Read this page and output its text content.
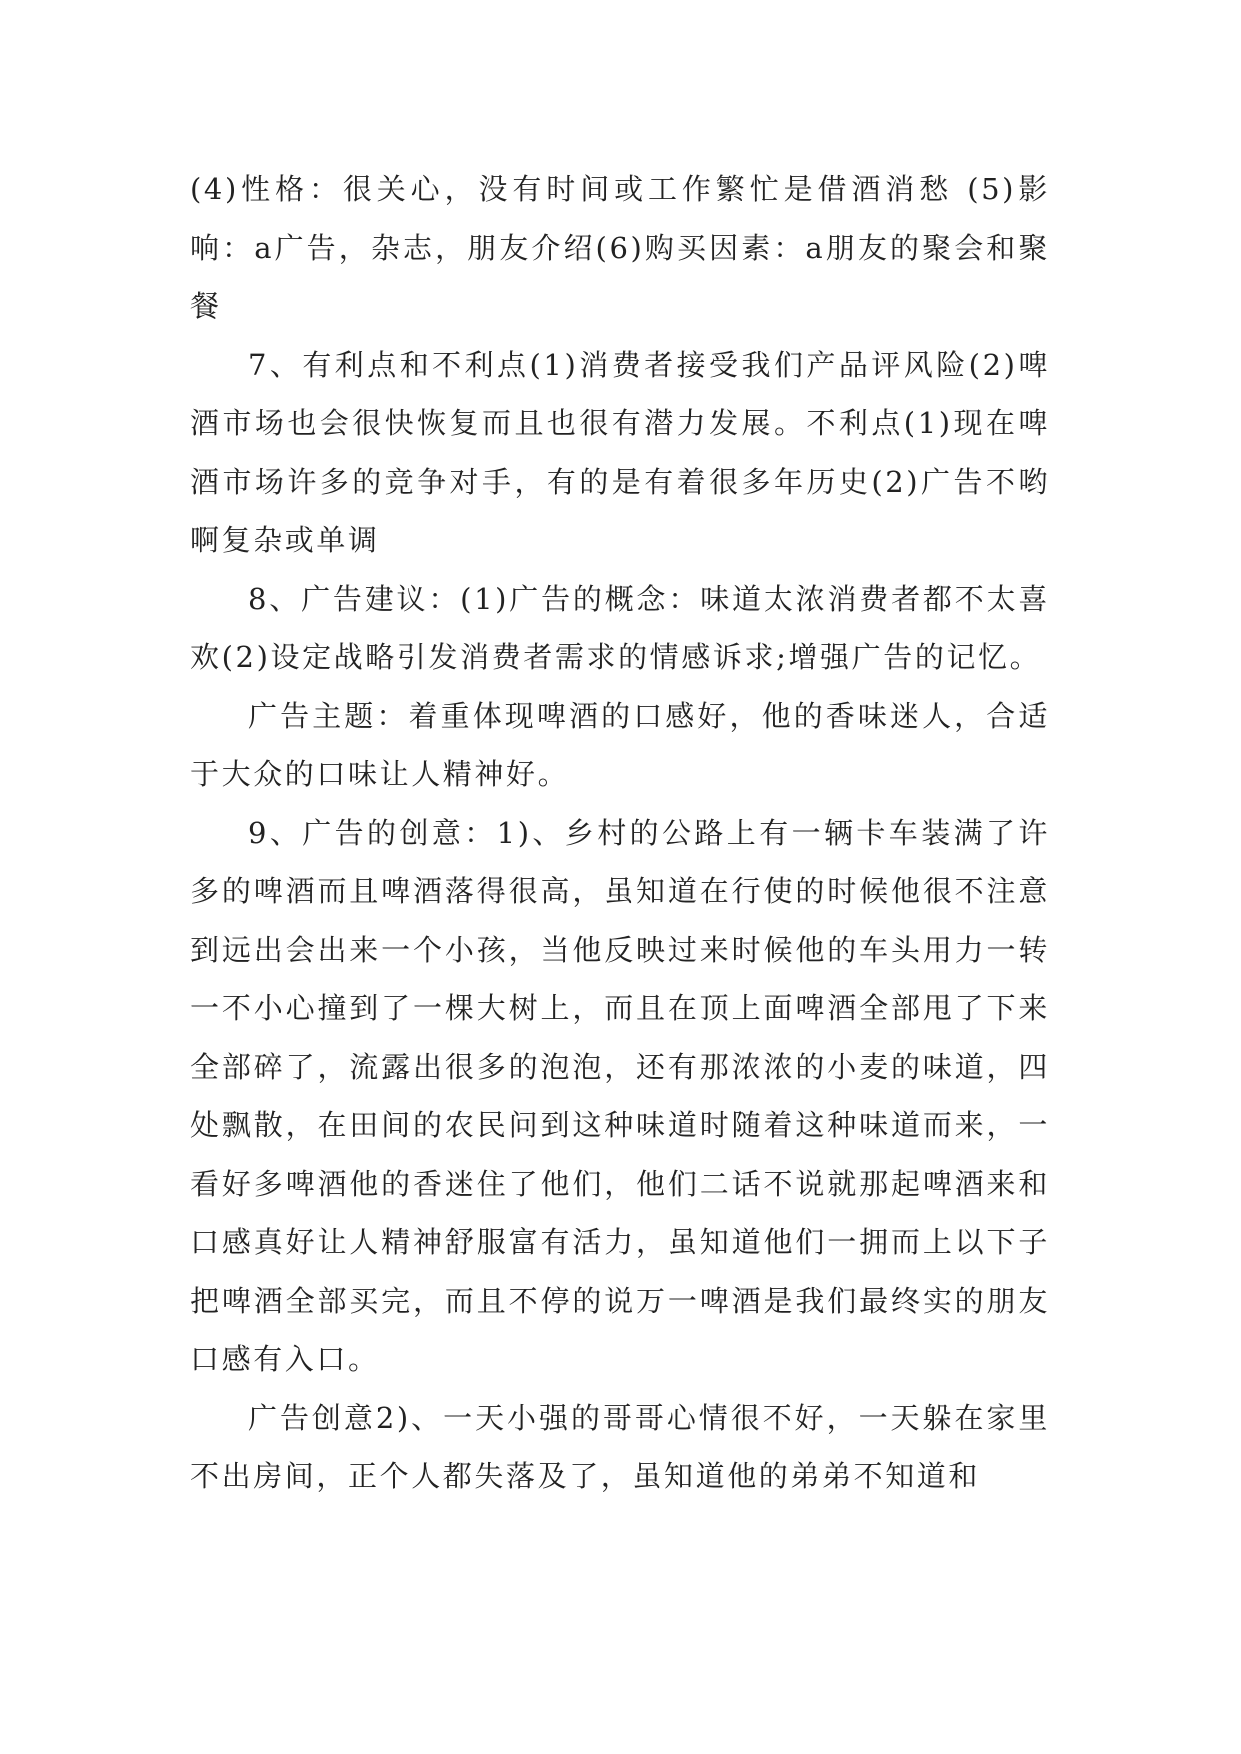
(4)性格：很关心，没有时间或工作繁忙是借酒消愁 (5)影响：a广告，杂志，朋友介绍(6)购买因素：a朋友的聚会和聚餐

7、有利点和不利点(1)消费者接受我们产品评风险(2)啤酒市场也会很快恢复而且也很有潜力发展。不利点(1)现在啤酒市场许多的竞争对手，有的是有着很多年历史(2)广告不哟啊复杂或单调

8、广告建议：(1)广告的概念：味道太浓消费者都不太喜欢(2)设定战略引发消费者需求的情感诉求;增强广告的记忆。

广告主题：着重体现啤酒的口感好，他的香味迷人，合适于大众的口味让人精神好。

9、广告的创意：1)、乡村的公路上有一辆卡车装满了许多的啤酒而且啤酒落得很高，虽知道在行使的时候他很不注意到远出会出来一个小孩，当他反映过来时候他的车头用力一转一不小心撞到了一棵大树上，而且在顶上面啤酒全部甩了下来全部碎了，流露出很多的泡泡，还有那浓浓的小麦的味道，四处飘散，在田间的农民问到这种味道时随着这种味道而来，一看好多啤酒他的香迷住了他们，他们二话不说就那起啤酒来和口感真好让人精神舒服富有活力，虽知道他们一拥而上以下子把啤酒全部买完，而且不停的说万一啤酒是我们最终实的朋友口感有入口。

广告创意2)、一天小强的哥哥心情很不好，一天躲在家里不出房间，正个人都失落及了，虽知道他的弟弟不知道和
